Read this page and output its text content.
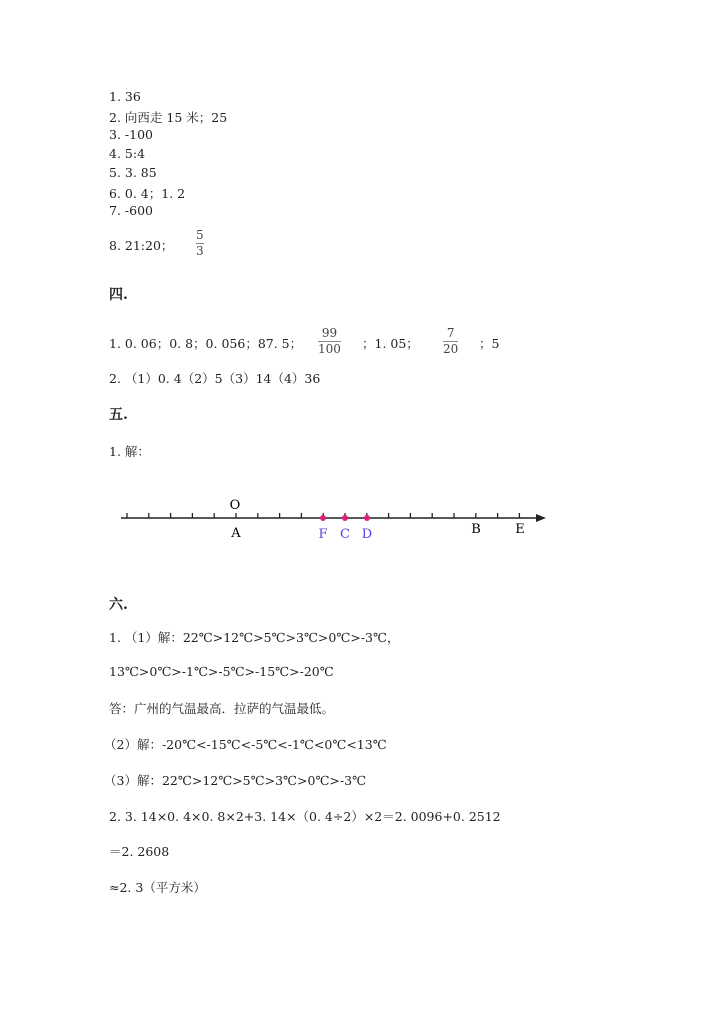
1. 36
2. 向西走 15 米；25
3. -100
4. 5:4
5. 3. 85
6. 0. 4；1. 2
7. -600
8. 21:20；
5
3
四.
1. 0. 06；0. 8；0. 056；87. 5；
99
100 ；1. 05；
7
20 ；5
2. （1）0. 4（2）5（3）14（4）36
五.
1. 解：
O
A	F C D	B	E
六.
1. （1）解：22℃>12℃>5℃>3℃>0℃>-3℃，
13℃>0℃>-1℃>-5℃>-15℃>-20℃
答：广州的气温最高．拉萨的气温最低。
（2）解：-20℃<-15℃<-5℃<-1℃<0℃<13℃
（3）解：22℃>12℃>5℃>3℃>0℃>-3℃
2. 3. 14×0. 4×0. 8×2+3. 14×（0. 4÷2）×2＝2. 0096+0. 2512
＝2. 2608
≈2. 3（平方米）
